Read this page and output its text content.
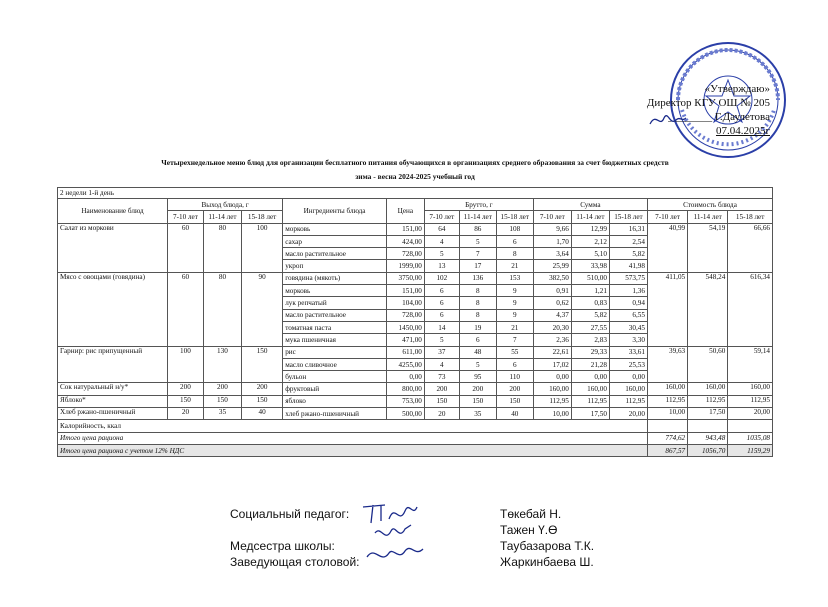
«Утверждаю»
Директор КГУ ОШ № 205
________ Г.Даулетова
07.04.2025г
Четырехнедельное меню блюд для организации бесплатного питания обучающихся в организациях среднего образования за счет бюджетных средств
зима - весна 2024-2025 учебный год
2 недели 1-й день														
Наименование блюд	Выход блюда, г			Ингредиенты блюда	Цена	Брутто, г			Сумма			Стоимость блюда		
	7-10 лет	11-14 лет	15-18 лет			7-10 лет	11-14 лет	15-18 лет	7-10 лет	11-14 лет	15-18 лет	7-10 лет	11-14 лет	15-18 лет
Салат из моркови	60	80	100	морковь	151,00	64	86	108	9,66	12,99	16,31	40,99	54,19	66,66
				сахар	424,00	4	5	6	1,70	2,12	2,54			
				масло растительное	728,00	5	7	8	3,64	5,10	5,82			
				укроп	1999,00	13	17	21	25,99	33,98	41,98			
Мясо с овощами (говядина)	60	80	90	говядина (мякоть)	3750,00	102	136	153	382,50	510,00	573,75	411,05	548,24	616,34
				морковь	151,00	6	8	9	0,91	1,21	1,36			
				лук репчатый	104,00	6	8	9	0,62	0,83	0,94			
				масло растительное	728,00	6	8	9	4,37	5,82	6,55			
				томатная паста	1450,00	14	19	21	20,30	27,55	30,45			
				мука пшеничная	471,00	5	6	7	2,36	2,83	3,30			
Гарнир: рис припущенный	100	130	150	рис	611,00	37	48	55	22,61	29,33	33,61	39,63	50,60	59,14
				масло сливочное	4255,00	4	5	6	17,02	21,28	25,53			
				бульон	0,00	73	95	110	0,00	0,00	0,00			
Сок натуральный н/у*	200	200	200	фруктовый	800,00	200	200	200	160,00	160,00	160,00	160,00	160,00	160,00
Яблоко*	150	150	150	яблоко	753,00	150	150	150	112,95	112,95	112,95	112,95	112,95	112,95
Хлеб ржано-пшеничный	20	35	40	хлеб ржано-пшеничный	500,00	20	35	40	10,00	17,50	20,00	10,00	17,50	20,00
Калорийность, ккал														
Итого цена рациона												774,62	943,48	1035,08
Итого цена рациона с учетом 12% НДС												867,57	1056,70	1159,29
Социальный педагог:	Төкебай Н.
Тажен Ү.Ө
Медсестра школы:	Таубазарова Т.К.
Заведующая столовой:	Жаркинбаева Ш.
